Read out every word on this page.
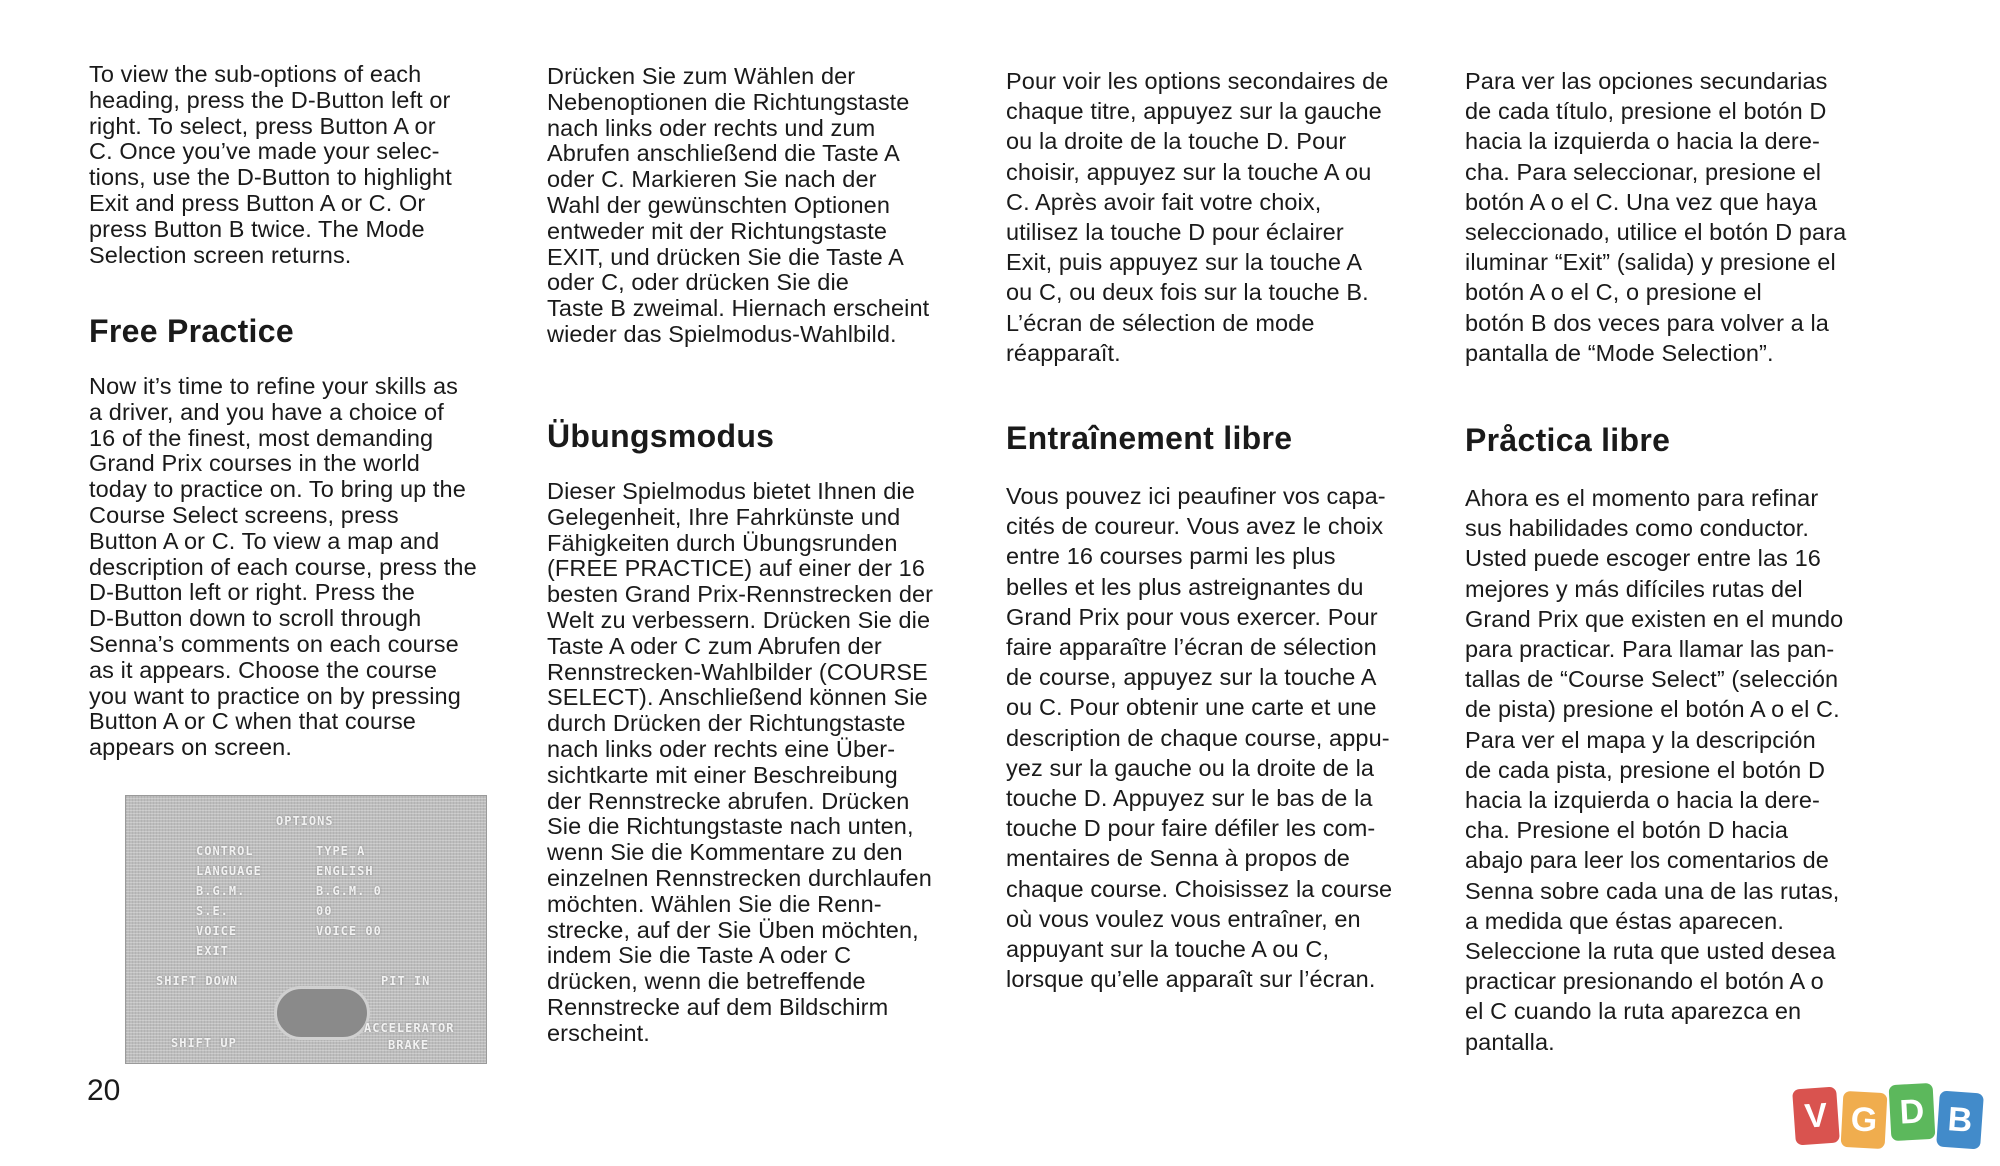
To view the sub-options of each
heading, press the D-Button left or
right. To select, press Button A or
C. Once you’ve made your selec-
tions, use the D-Button to highlight
Exit and press Button A or C. Or
press Button B twice. The Mode
Selection screen returns.

Free Practice

Now it’s time to refine your skills as
a driver, and you have a choice of
16 of the finest, most demanding
Grand Prix courses in the world
today to practice on. To bring up the
Course Select screens, press
Button A or C. To view a map and
description of each course, press the
D-Button left or right. Press the
D-Button down to scroll through
Senna’s comments on each course
as it appears. Choose the course
you want to practice on by pressing
Button A or C when that course
appears on screen.

OPTIONS
CONTROL	TYPE A
LANGUAGE	ENGLISH
B.G.M.	B.G.M. 0
S.E.	00
VOICE	VOICE 00
EXIT
SHIFT DOWN	PIT IN
SHIFT UP
ACCELERATOR
BRAKE

Drücken Sie zum Wählen der
Nebenoptionen die Richtungstaste
nach links oder rechts und zum
Abrufen anschließend die Taste A
oder C. Markieren Sie nach der
Wahl der gewünschten Optionen
entweder mit der Richtungstaste
EXIT, und drücken Sie die Taste A
oder C, oder drücken Sie die
Taste B zweimal. Hiernach erscheint
wieder das Spielmodus-Wahlbild.

Übungsmodus

Dieser Spielmodus bietet Ihnen die
Gelegenheit, Ihre Fahrkünste und
Fähigkeiten durch Übungsrunden
(FREE PRACTICE) auf einer der 16
besten Grand Prix-Rennstrecken der
Welt zu verbessern. Drücken Sie die
Taste A oder C zum Abrufen der
Rennstrecken-Wahlbilder (COURSE
SELECT). Anschließend können Sie
durch Drücken der Richtungstaste
nach links oder rechts eine Über-
sichtkarte mit einer Beschreibung
der Rennstrecke abrufen. Drücken
Sie die Richtungstaste nach unten,
wenn Sie die Kommentare zu den
einzelnen Rennstrecken durchlaufen
möchten. Wählen Sie die Renn-
strecke, auf der Sie Üben möchten,
indem Sie die Taste A oder C
drücken, wenn die betreffende
Rennstrecke auf dem Bildschirm
erscheint.

Pour voir les options secondaires de
chaque titre, appuyez sur la gauche
ou la droite de la touche D. Pour
choisir, appuyez sur la touche A ou
C. Après avoir fait votre choix,
utilisez la touche D pour éclairer
Exit, puis appuyez sur la touche A
ou C, ou deux fois sur la touche B.
L’écran de sélection de mode
réapparaît.

Entraînement libre

Vous pouvez ici peaufiner vos capa-
cités de coureur. Vous avez le choix
entre 16 courses parmi les plus
belles et les plus astreignantes du
Grand Prix pour vous exercer. Pour
faire apparaître l’écran de sélection
de course, appuyez sur la touche A
ou C. Pour obtenir une carte et une
description de chaque course, appu-
yez sur la gauche ou la droite de la
touche D. Appuyez sur le bas de la
touche D pour faire défiler les com-
mentaires de Senna à propos de
chaque course. Choisissez la course
où vous voulez vous entraîner, en
appuyant sur la touche A ou C,
lorsque qu’elle apparaît sur l’écran.

Para ver las opciones secundarias
de cada título, presione el botón D
hacia la izquierda o hacia la dere-
cha. Para seleccionar, presione el
botón A o el C. Una vez que haya
seleccionado, utilice el botón D para
iluminar “Exit” (salida) y presione el
botón A o el C, o presione el
botón B dos veces para volver a la
pantalla de “Mode Selection”.

Pråctica libre

Ahora es el momento para refinar
sus habilidades como conductor.
Usted puede escoger entre las 16
mejores y más difíciles rutas del
Grand Prix que existen en el mundo
para practicar. Para llamar las pan-
tallas de “Course Select” (selección
de pista) presione el botón A o el C.
Para ver el mapa y la descripción
de cada pista, presione el botón D
hacia la izquierda o hacia la dere-
cha. Presione el botón D hacia
abajo para leer los comentarios de
Senna sobre cada una de las rutas,
a medida que éstas aparecen.
Seleccione la ruta que usted desea
practicar presionando el botón A o
el C cuando la ruta aparezca en
pantalla.

20
V G D B
